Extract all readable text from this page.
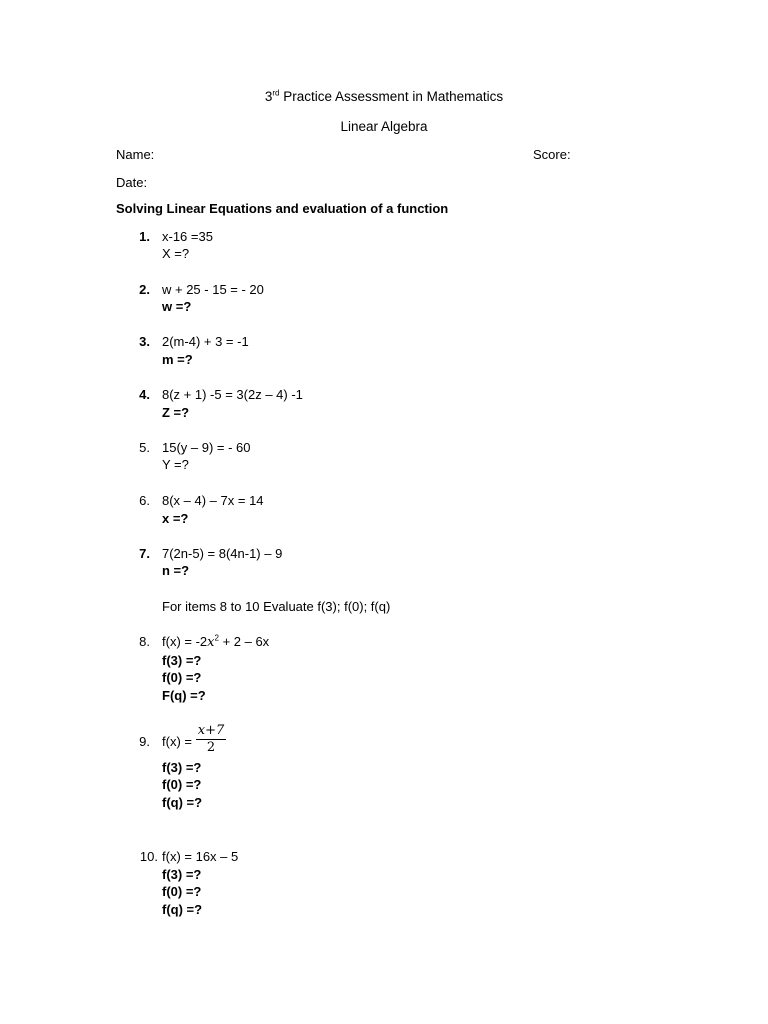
3rd Practice Assessment in Mathematics
Linear Algebra
Name:	Score:
Date:
Solving Linear Equations and evaluation of a function
1. x-16 =35
X =?
2. w + 25 - 15 = - 20
w =?
3. 2(m-4) + 3 = -1
m =?
4. 8(z + 1) -5 = 3(2z – 4) -1
Z =?
5. 15(y – 9) = - 60
Y =?
6. 8(x – 4) – 7x = 14
x =?
7. 7(2n-5) = 8(4n-1) – 9
n =?
For items 8 to 10 Evaluate f(3); f(0); f(q)
8. $f(x) = -2x^2 + 2 - 6x$
f(3) =?
f(0) =?
F(q) =?
9. $f(x) = \frac{x+7}{2}$
f(3) =?
f(0) =?
f(q) =?
10. f(x) = 16x – 5
f(3) =?
f(0) =?
f(q) =?
